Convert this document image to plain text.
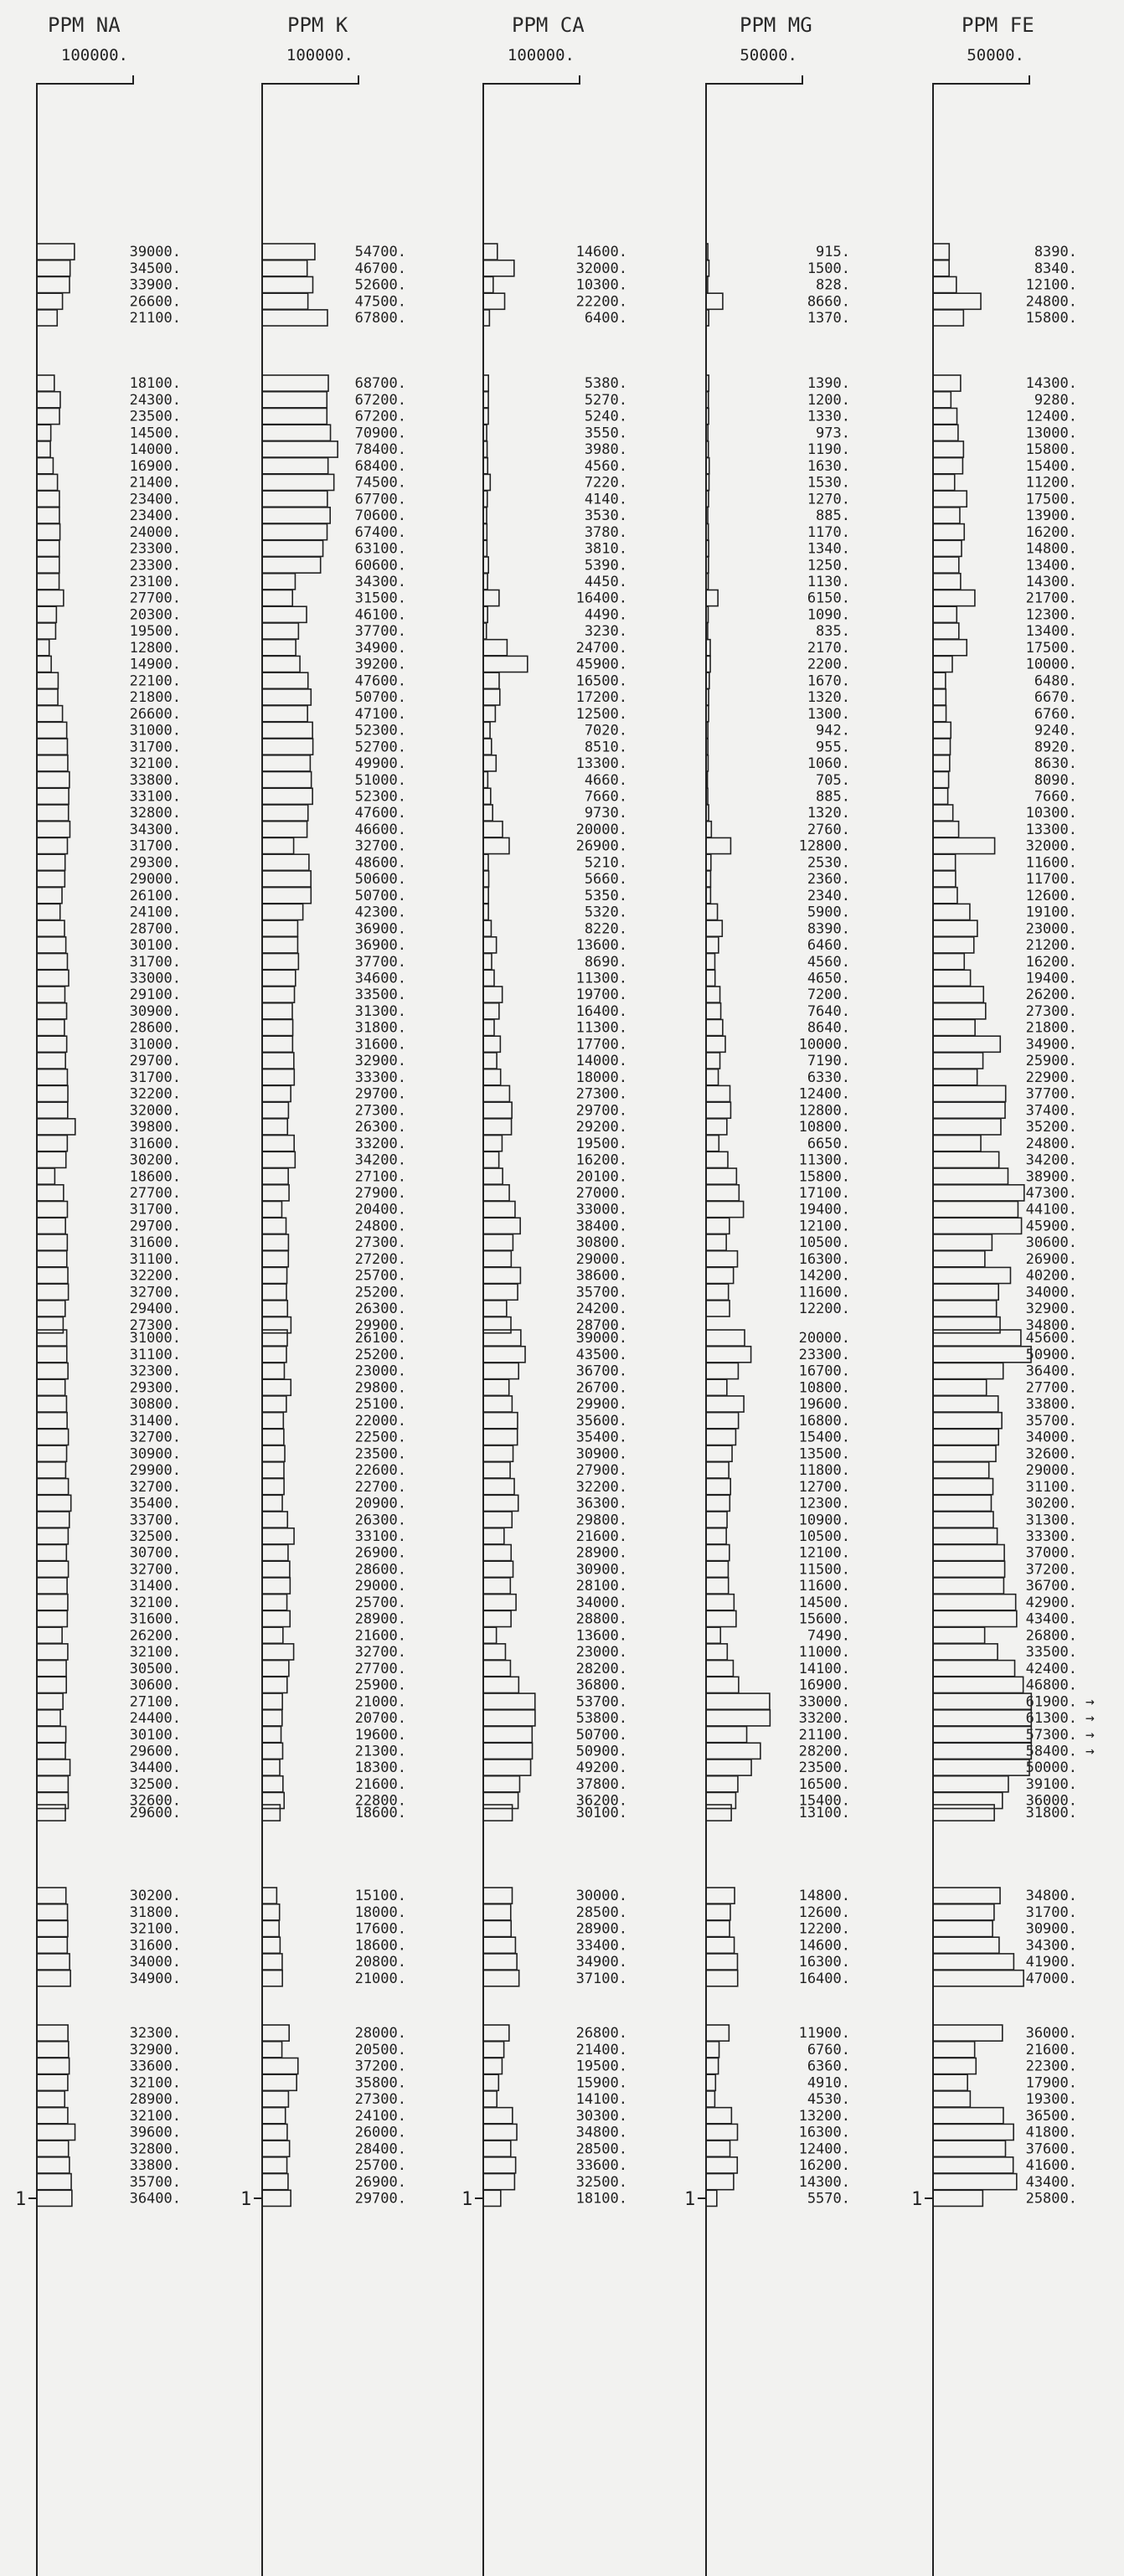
PPM NA
100000.
1
39000.
34500.
33900.
26600.
21100.
18100.
24300.
23500.
14500.
14000.
16900.
21400.
23400.
23400.
24000.
23300.
23300.
23100.
27700.
20300.
19500.
12800.
14900.
22100.
21800.
26600.
31000.
31700.
32100.
33800.
33100.
32800.
34300.
31700.
29300.
29000.
26100.
24100.
28700.
30100.
31700.
33000.
29100.
30900.
28600.
31000.
29700.
31700.
32200.
32000.
39800.
31600.
30200.
18600.
27700.
31700.
29700.
31600.
31100.
32200.
32700.
29400.
27300.
31000.
31100.
32300.
29300.
30800.
31400.
32700.
30900.
29900.
32700.
35400.
33700.
32500.
30700.
32700.
31400.
32100.
31600.
26200.
32100.
30500.
30600.
27100.
24400.
30100.
29600.
34400.
32500.
32600.
29600.
30200.
31800.
32100.
31600.
34000.
34900.
32300.
32900.
33600.
32100.
28900.
32100.
39600.
32800.
33800.
35700.
36400.
PPM K
100000.
1
54700.
46700.
52600.
47500.
67800.
68700.
67200.
67200.
70900.
78400.
68400.
74500.
67700.
70600.
67400.
63100.
60600.
34300.
31500.
46100.
37700.
34900.
39200.
47600.
50700.
47100.
52300.
52700.
49900.
51000.
52300.
47600.
46600.
32700.
48600.
50600.
50700.
42300.
36900.
36900.
37700.
34600.
33500.
31300.
31800.
31600.
32900.
33300.
29700.
27300.
26300.
33200.
34200.
27100.
27900.
20400.
24800.
27300.
27200.
25700.
25200.
26300.
29900.
26100.
25200.
23000.
29800.
25100.
22000.
22500.
23500.
22600.
22700.
20900.
26300.
33100.
26900.
28600.
29000.
25700.
28900.
21600.
32700.
27700.
25900.
21000.
20700.
19600.
21300.
18300.
21600.
22800.
18600.
15100.
18000.
17600.
18600.
20800.
21000.
28000.
20500.
37200.
35800.
27300.
24100.
26000.
28400.
25700.
26900.
29700.
PPM CA
100000.
1
14600.
32000.
10300.
22200.
6400.
5380.
5270.
5240.
3550.
3980.
4560.
7220.
4140.
3530.
3780.
3810.
5390.
4450.
16400.
4490.
3230.
24700.
45900.
16500.
17200.
12500.
7020.
8510.
13300.
4660.
7660.
9730.
20000.
26900.
5210.
5660.
5350.
5320.
8220.
13600.
8690.
11300.
19700.
16400.
11300.
17700.
14000.
18000.
27300.
29700.
29200.
19500.
16200.
20100.
27000.
33000.
38400.
30800.
29000.
38600.
35700.
24200.
28700.
39000.
43500.
36700.
26700.
29900.
35600.
35400.
30900.
27900.
32200.
36300.
29800.
21600.
28900.
30900.
28100.
34000.
28800.
13600.
23000.
28200.
36800.
53700.
53800.
50700.
50900.
49200.
37800.
36200.
30100.
30000.
28500.
28900.
33400.
34900.
37100.
26800.
21400.
19500.
15900.
14100.
30300.
34800.
28500.
33600.
32500.
18100.
PPM MG
50000.
1
915.
1500.
828.
8660.
1370.
1390.
1200.
1330.
973.
1190.
1630.
1530.
1270.
885.
1170.
1340.
1250.
1130.
6150.
1090.
835.
2170.
2200.
1670.
1320.
1300.
942.
955.
1060.
705.
885.
1320.
2760.
12800.
2530.
2360.
2340.
5900.
8390.
6460.
4560.
4650.
7200.
7640.
8640.
10000.
7190.
6330.
12400.
12800.
10800.
6650.
11300.
15800.
17100.
19400.
12100.
10500.
16300.
14200.
11600.
12200.
20000.
23300.
16700.
10800.
19600.
16800.
15400.
13500.
11800.
12700.
12300.
10900.
10500.
12100.
11500.
11600.
14500.
15600.
7490.
11000.
14100.
16900.
33000.
33200.
21100.
28200.
23500.
16500.
15400.
13100.
14800.
12600.
12200.
14600.
16300.
16400.
11900.
6760.
6360.
4910.
4530.
13200.
16300.
12400.
16200.
14300.
5570.
PPM FE
50000.
1
8390.
8340.
12100.
24800.
15800.
14300.
9280.
12400.
13000.
15800.
15400.
11200.
17500.
13900.
16200.
14800.
13400.
14300.
21700.
12300.
13400.
17500.
10000.
6480.
6670.
6760.
9240.
8920.
8630.
8090.
7660.
10300.
13300.
32000.
11600.
11700.
12600.
19100.
23000.
21200.
16200.
19400.
26200.
27300.
21800.
34900.
25900.
22900.
37700.
37400.
35200.
24800.
34200.
38900.
47300.
44100.
45900.
30600.
26900.
40200.
34000.
32900.
34800.
45600.
50900.
36400.
27700.
33800.
35700.
34000.
32600.
29000.
31100.
30200.
31300.
33300.
37000.
37200.
36700.
42900.
43400.
26800.
33500.
42400.
46800.
61900. →
61300. →
57300. →
58400. →
50000.
39100.
36000.
31800.
34800.
31700.
30900.
34300.
41900.
47000.
36000.
21600.
22300.
17900.
19300.
36500.
41800.
37600.
41600.
43400.
25800.
